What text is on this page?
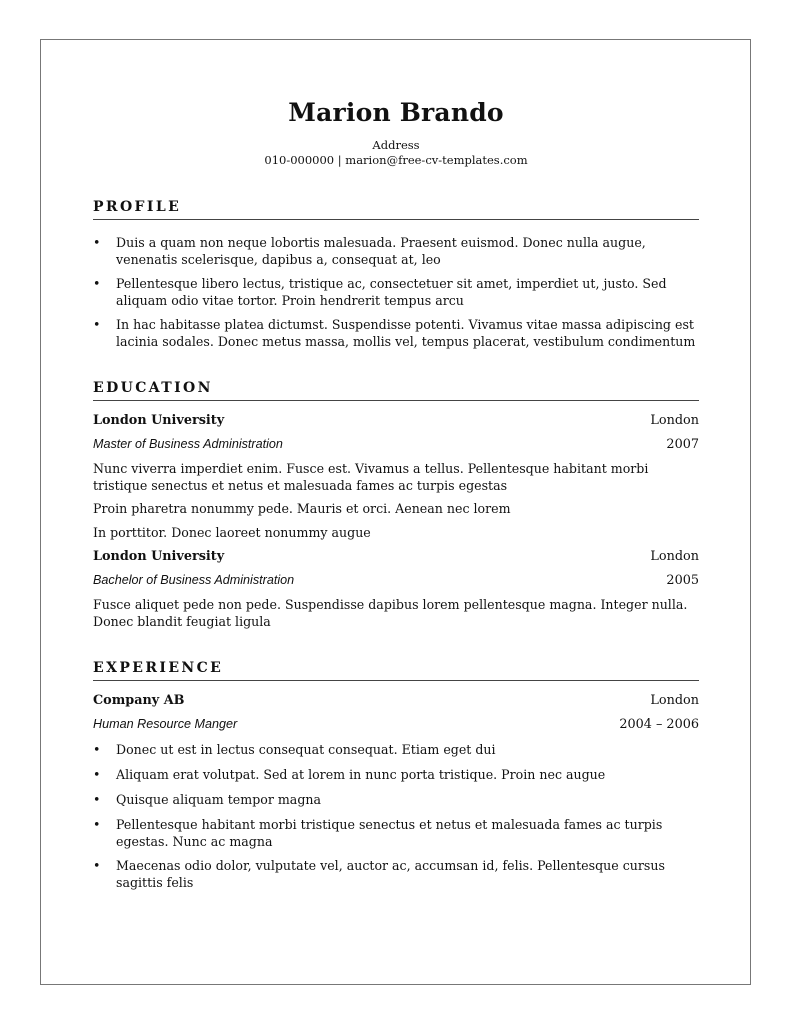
Marion Brando
Address
010-000000 | marion@free-cv-templates.com
PROFILE
• Duis a quam non neque lobortis malesuada. Praesent euismod. Donec nulla augue, venenatis scelerisque, dapibus a, consequat at, leo
• Pellentesque libero lectus, tristique ac, consectetuer sit amet, imperdiet ut, justo. Sed aliquam odio vitae tortor. Proin hendrerit tempus arcu
• In hac habitasse platea dictumst. Suspendisse potenti. Vivamus vitae massa adipiscing est lacinia sodales. Donec metus massa, mollis vel, tempus placerat, vestibulum condimentum
EDUCATION
London University	London
Master of Business Administration	2007
Nunc viverra imperdiet enim. Fusce est. Vivamus a tellus. Pellentesque habitant morbi tristique senectus et netus et malesuada fames ac turpis egestas
Proin pharetra nonummy pede. Mauris et orci. Aenean nec lorem
In porttitor. Donec laoreet nonummy augue
London University	London
Bachelor of Business Administration	2005
Fusce aliquet pede non pede. Suspendisse dapibus lorem pellentesque magna. Integer nulla. Donec blandit feugiat ligula
EXPERIENCE
Company AB	London
Human Resource Manger	2004 – 2006
• Donec ut est in lectus consequat consequat. Etiam eget dui
• Aliquam erat volutpat. Sed at lorem in nunc porta tristique. Proin nec augue
• Quisque aliquam tempor magna
• Pellentesque habitant morbi tristique senectus et netus et malesuada fames ac turpis egestas. Nunc ac magna
• Maecenas odio dolor, vulputate vel, auctor ac, accumsan id, felis. Pellentesque cursus sagittis felis
